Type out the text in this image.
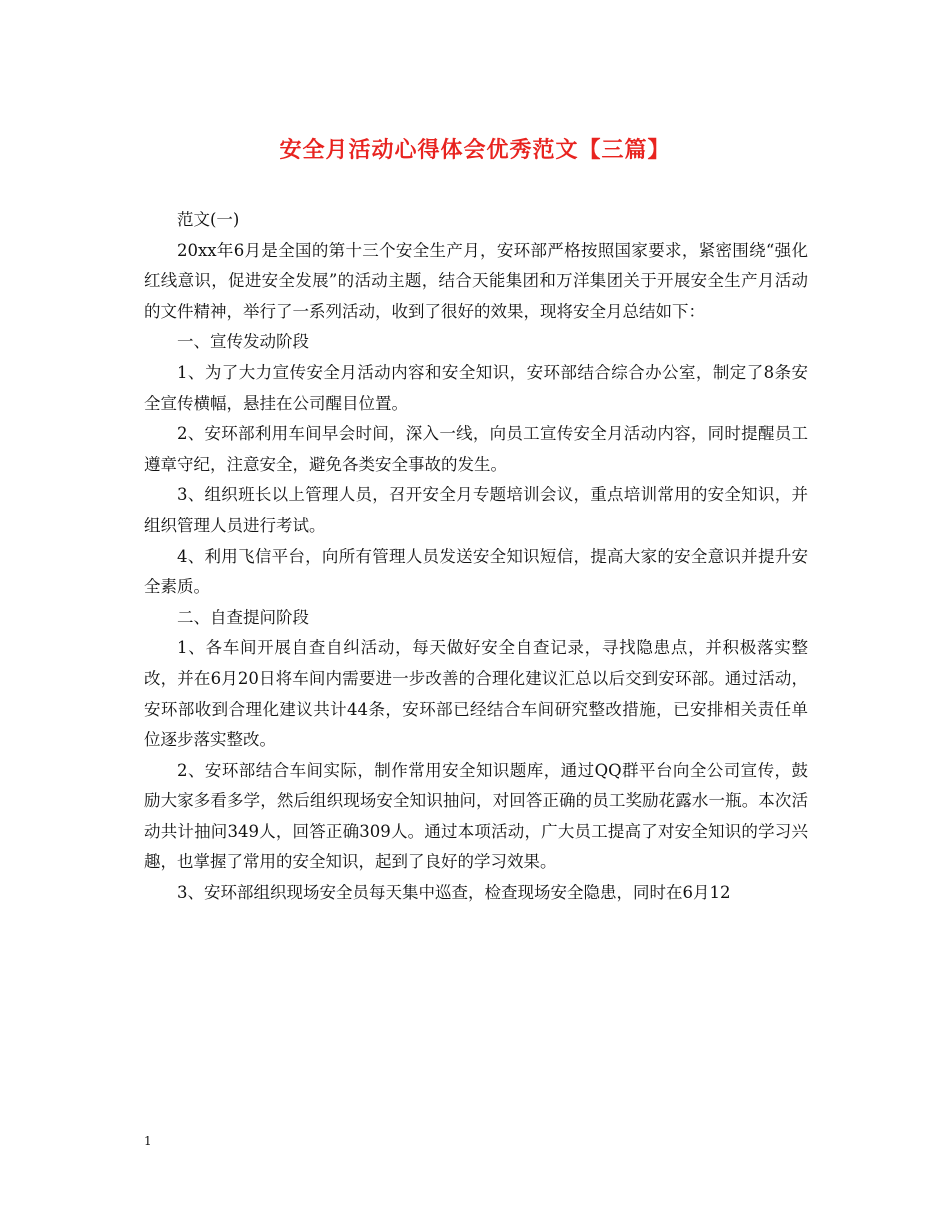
安全月活动心得体会优秀范文【三篇】

范文(一)

20xx年6月是全国的第十三个安全生产月，安环部严格按照国家要求，紧密围绕“强化红线意识，促进安全发展”的活动主题，结合天能集团和万洋集团关于开展安全生产月活动的文件精神，举行了一系列活动，收到了很好的效果，现将安全月总结如下：

一、宣传发动阶段

1、为了大力宣传安全月活动内容和安全知识，安环部结合综合办公室，制定了8条安全宣传横幅，悬挂在公司醒目位置。

2、安环部利用车间早会时间，深入一线，向员工宣传安全月活动内容，同时提醒员工遵章守纪，注意安全，避免各类安全事故的发生。

3、组织班长以上管理人员，召开安全月专题培训会议，重点培训常用的安全知识，并组织管理人员进行考试。

4、利用飞信平台，向所有管理人员发送安全知识短信，提高大家的安全意识并提升安全素质。

二、自查提问阶段

1、各车间开展自查自纠活动，每天做好安全自查记录，寻找隐患点，并积极落实整改，并在6月20日将车间内需要进一步改善的合理化建议汇总以后交到安环部。通过活动，安环部收到合理化建议共计44条，安环部已经结合车间研究整改措施，已安排相关责任单位逐步落实整改。

2、安环部结合车间实际，制作常用安全知识题库，通过QQ群平台向全公司宣传，鼓励大家多看多学，然后组织现场安全知识抽问，对回答正确的员工奖励花露水一瓶。本次活动共计抽问349人，回答正确309人。通过本项活动，广大员工提高了对安全知识的学习兴趣，也掌握了常用的安全知识，起到了良好的学习效果。

3、安环部组织现场安全员每天集中巡查，检查现场安全隐患，同时在6月12

1
